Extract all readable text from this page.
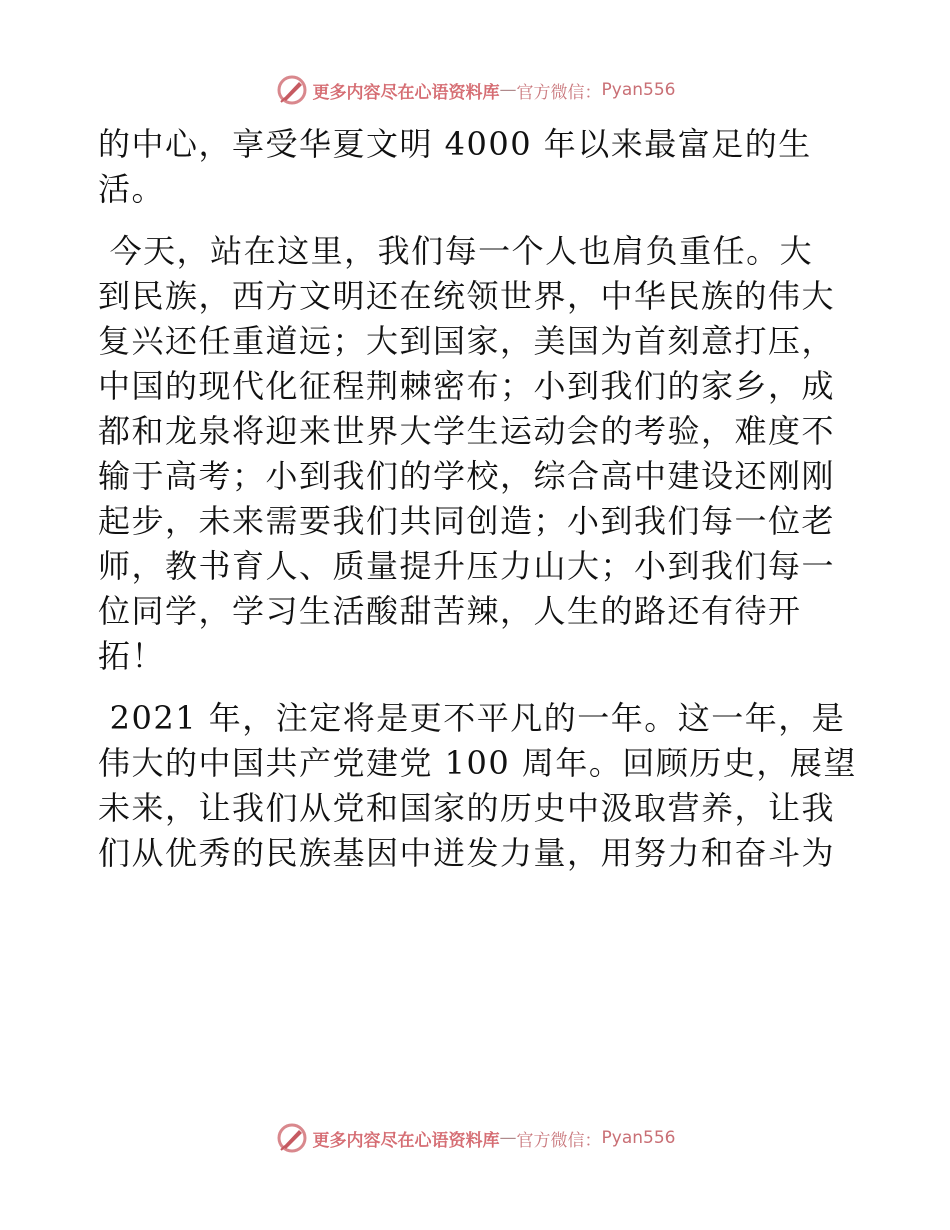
更多内容尽在心语资料库 — 官方微信： Pyan556

的中心，享受华夏文明 4000 年以来最富足的生
活。

今天，站在这里，我们每一个人也肩负重任。大
到民族，西方文明还在统领世界，中华民族的伟大
复兴还任重道远；大到国家，美国为首刻意打压，
中国的现代化征程荆棘密布；小到我们的家乡，成
都和龙泉将迎来世界大学生运动会的考验，难度不
输于高考；小到我们的学校，综合高中建设还刚刚
起步，未来需要我们共同创造；小到我们每一位老
师，教书育人、质量提升压力山大；小到我们每一
位同学，学习生活酸甜苦辣，人生的路还有待开
拓！

2021 年，注定将是更不平凡的一年。这一年，是
伟大的中国共产党建党 100 周年。回顾历史，展望
未来，让我们从党和国家的历史中汲取营养，让我
们从优秀的民族基因中迸发力量，用努力和奋斗为

更多内容尽在心语资料库 — 官方微信： Pyan556
